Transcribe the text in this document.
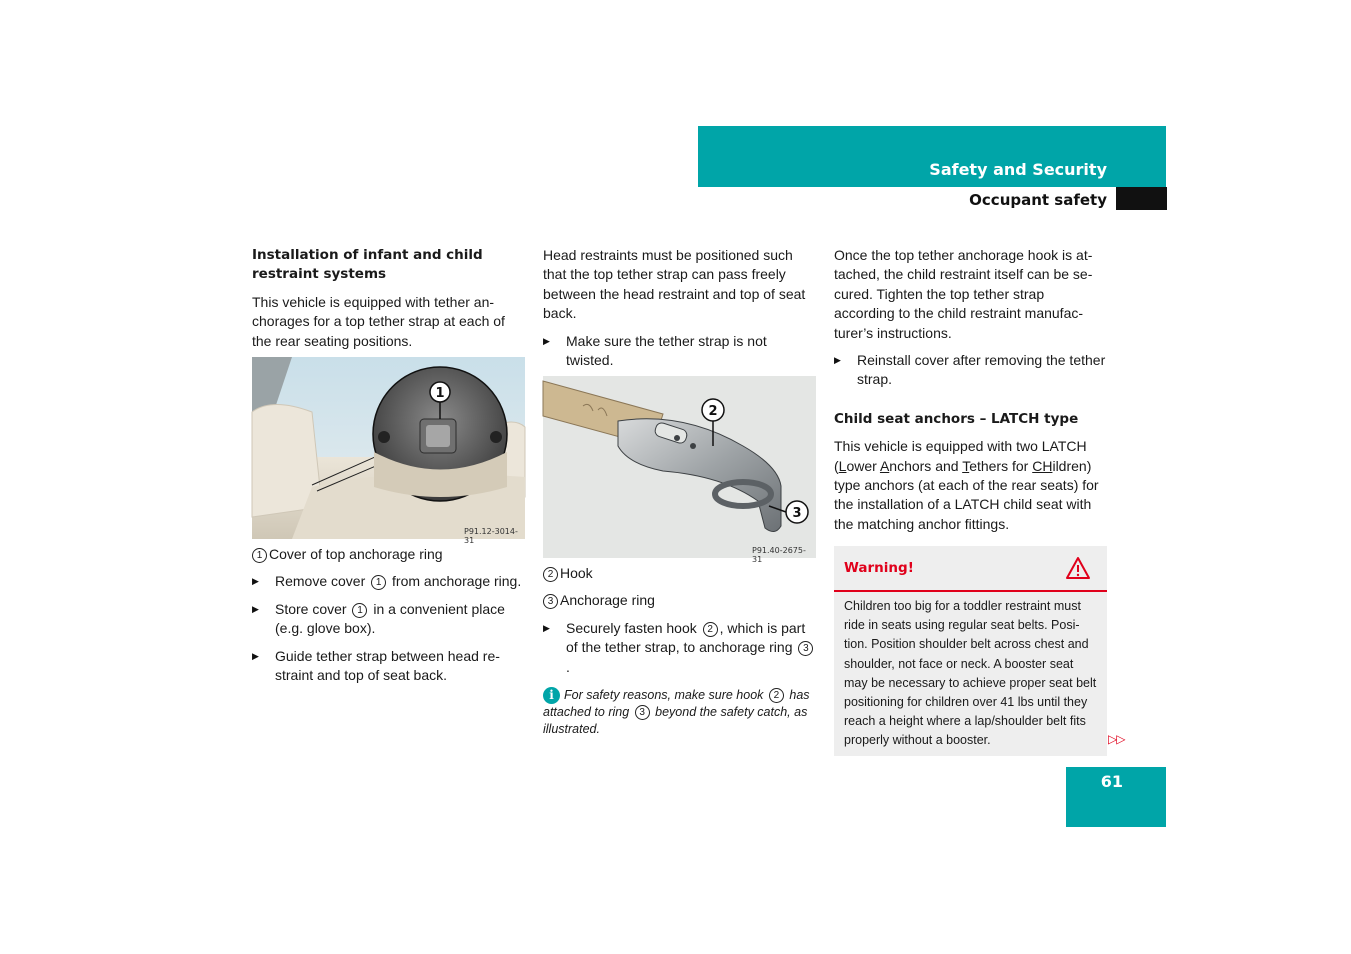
Safety and Security
Occupant safety
Installation of infant and child restraint systems

This vehicle is equipped with tether an-chorages for a top tether strap at each of the rear seating positions.

1
P91.12-3014-31

1 Cover of top anchorage ring

▶ Remove cover 1 from anchorage ring.
▶ Store cover 1 in a convenient place (e.g. glove box).
▶ Guide tether strap between head re-straint and top of seat back.

Head restraints must be positioned such that the top tether strap can pass freely between the head restraint and top of seat back.

▶ Make sure the tether strap is not twisted.
2
3
P91.40-2675-31

2 Hook

3 Anchorage ring

▶ Securely fasten hook 2 , which is part of the tether strap, to anchorage ring 3.
i For safety reasons, make sure hook 2 has attached to ring 3 beyond the safety catch, as illustrated.

Once the top tether anchorage hook is at-tached, the child restraint itself can be se-cured. Tighten the top tether strap according to the child restraint manufac-turer’s instructions.

▶ Reinstall cover after removing the tether strap.
Child seat anchors – LATCH type

This vehicle is equipped with two LATCH (Lower Anchors and Tethers for CHildren) type anchors (at each of the rear seats) for the installation of a LATCH child seat with the matching anchor fittings.

Warning!
Children too big for a toddler restraint must ride in seats using regular seat belts. Posi-tion. Position shoulder belt across chest and shoulder, not face or neck. A booster seat may be necessary to achieve proper seat belt positioning for children over 41 lbs until they reach a height where a lap/shoulder belt fits properly without a booster.	▷▷
61
